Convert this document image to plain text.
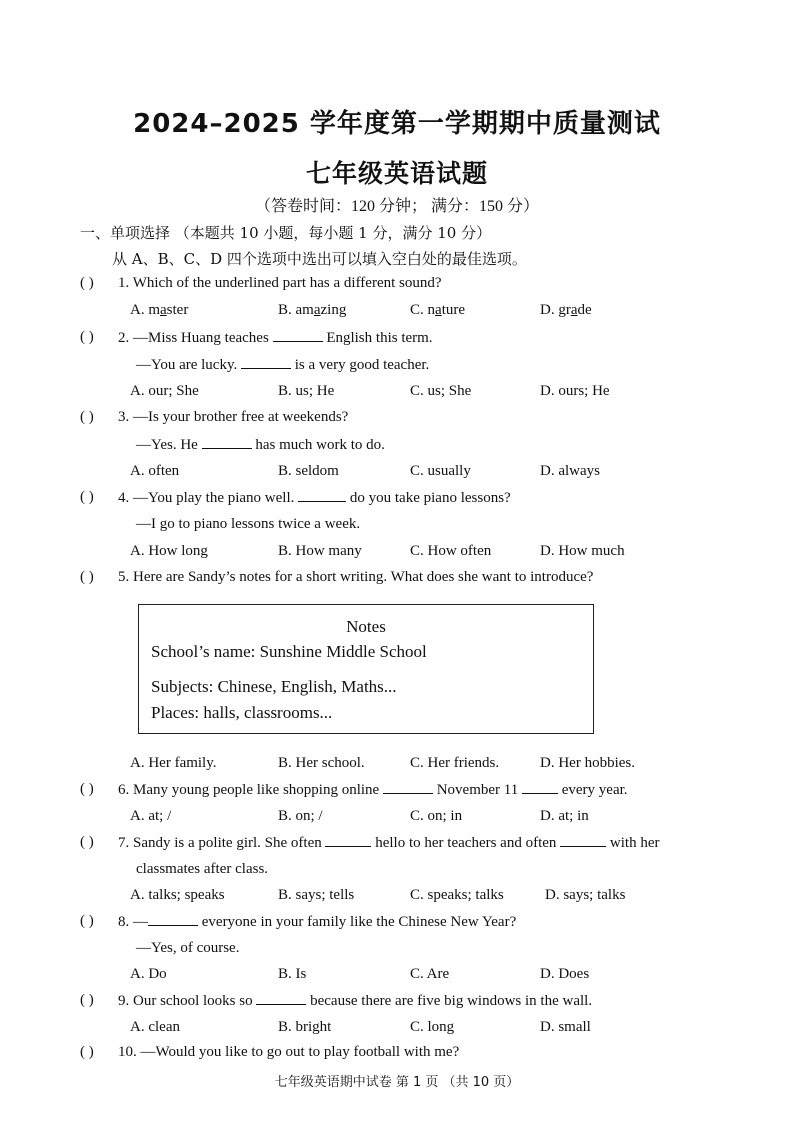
2024–2025 学年度第一学期期中质量测试
七年级英语试题
（答卷时间：120 分钟； 满分：150 分）
一、单项选择 （本题共 10 小题，每小题 1 分，满分 10 分）
从 A、B、C、D 四个选项中选出可以填入空白处的最佳选项。
( ) 1. Which of the underlined part has a different sound?
A. master	B. amazing	C. nature	D. grade
( ) 2. —Miss Huang teaches	English this term.
—You are lucky.	is a very good teacher.
A. our; She	B. us; He	C. us; She	D. ours; He
( ) 3. —Is your brother free at weekends?
—Yes. He	has much work to do.
A. often	B. seldom	C. usually	D. always
( ) 4. —You play the piano well.	do you take piano lessons?
—I go to piano lessons twice a week.
A. How long	B. How many	C. How often	D. How much
( ) 5. Here are Sandy’s notes for a short writing. What does she want to introduce?
Notes
School’s name: Sunshine Middle School
Subjects: Chinese, English, Maths...
Places: halls, classrooms...
A. Her family.	B. Her school.	C. Her friends.	D. Her hobbies.
( ) 6. Many young people like shopping online	November 11	every year.
A. at; /	B. on; /	C. on; in	D. at; in
( ) 7. Sandy is a polite girl. She often	hello to her teachers and often	with her
classmates after class.
A. talks; speaks	B. says; tells	C. speaks; talks	D. says; talks
( ) 8. —	everyone in your family like the Chinese New Year?
—Yes, of course.
A. Do	B. Is	C. Are	D. Does
( ) 9. Our school looks so	because there are five big windows in the wall.
A. clean	B. bright	C. long	D. small
( ) 10. —Would you like to go out to play football with me?
七年级英语期中试卷 第 1 页 （共 10 页）
